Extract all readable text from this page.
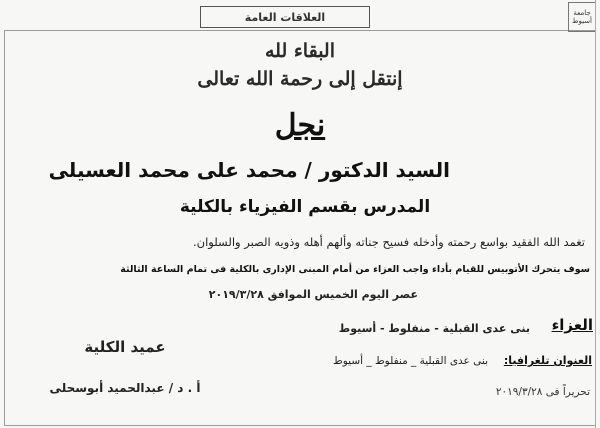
العلاقات العامة	جامعة أسيوط
البقاء لله
إنتقل إلى رحمة الله تعالى
نجل
السيد الدكتور / محمد على محمد العسيلى
المدرس بقسم الفيزياء بالكلية
تغمد الله الفقيد بواسع رحمته وأدخله فسيح جناته وألهم أهله وذويه الصبر والسلوان.
سوف يتحرك الأتوبيس للقيام بأداء واجب العزاء من أمام المبنى الإدارى بالكلية فى تمام الساعة الثالثة
عصر اليوم الخميس الموافق ٢٠١٩/٣/٢٨
العزاء
بنى عدى القبلية - منفلوط - أسيوط
العنوان تلغرافيا:
بنى عدى القبلية _ منفلوط _ أسيوط
تحريراً فى ٢٠١٩/٣/٢٨
عميد الكلية
أ . د / عبدالحميد أبوسحلى
